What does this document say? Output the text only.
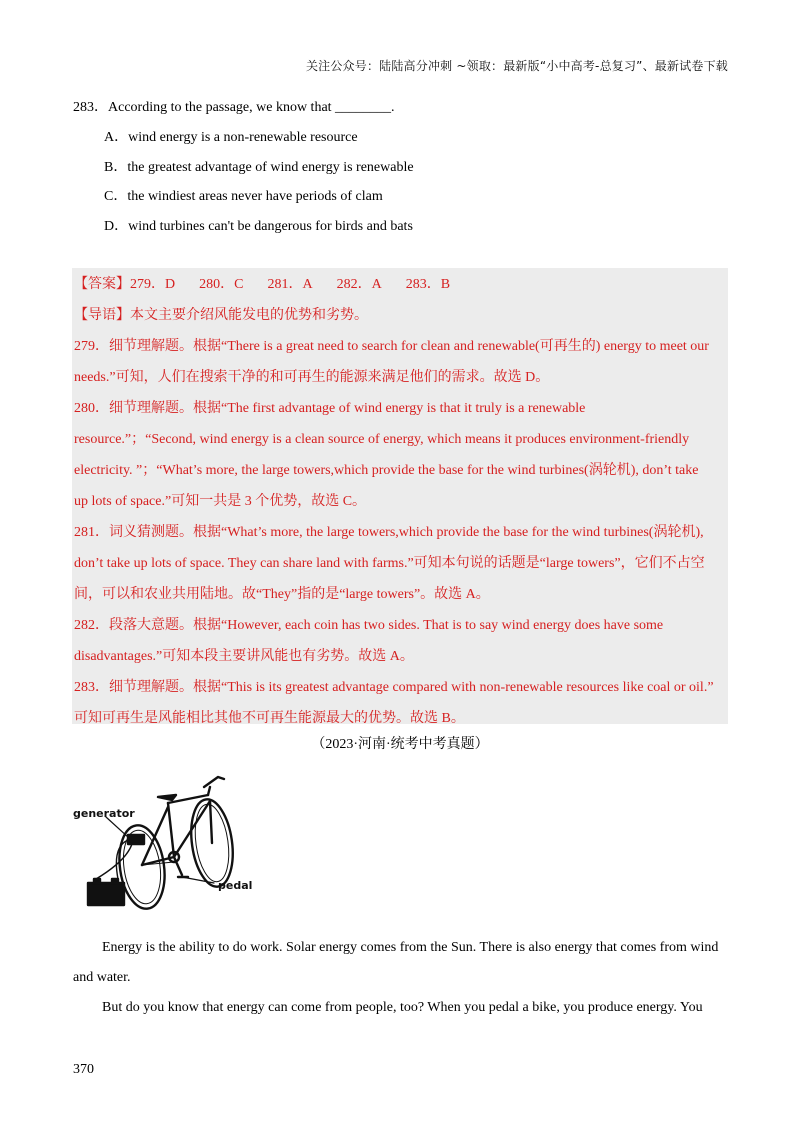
关注公众号：陆陆高分冲刺 ~领取：最新版“小中高考-总复习”、最新试卷下载
283．According to the passage, we know that ________.
A．wind energy is a non-renewable resource
B．the greatest advantage of wind energy is renewable
C．the windiest areas never have periods of clam
D．wind turbines can't be dangerous for birds and bats
【答案】279．D 280．C 281．A 282．A 283．B
【导语】本文主要介绍风能发电的优势和劣势。
279．细节理解题。根据“There is a great need to search for clean and renewable(可再生的) energy to meet our
needs.”可知，人们在搜索干净的和可再生的能源来满足他们的需求。故选 D。
280．细节理解题。根据“The first advantage of wind energy is that it truly is a renewable
resource.”；“Second, wind energy is a clean source of energy, which means it produces environment-friendly
electricity. ”；“What’s more, the large towers,which provide the base for the wind turbines(涡轮机), don’t take
up lots of space.”可知一共是 3 个优势，故选 C。
281．词义猜测题。根据“What’s more, the large towers,which provide the base for the wind turbines(涡轮机),
don’t take up lots of space. They can share land with farms.”可知本句说的话题是“large towers”，它们不占空
间，可以和农业共用陆地。故“They”指的是“large towers”。故选 A。
282．段落大意题。根据“However, each coin has two sides. That is to say wind energy does have some
disadvantages.”可知本段主要讲风能也有劣势。故选 A。
283．细节理解题。根据“This is its greatest advantage compared with non-renewable resources like coal or oil.”
可知可再生是风能相比其他不可再生能源最大的优势。故选 B。
（2023·河南·统考中考真题）
generator
pedal
Energy is the ability to do work. Solar energy comes from the Sun. There is also energy that comes from wind
and water.
But do you know that energy can come from people, too? When you pedal a bike, you produce energy. You
370
